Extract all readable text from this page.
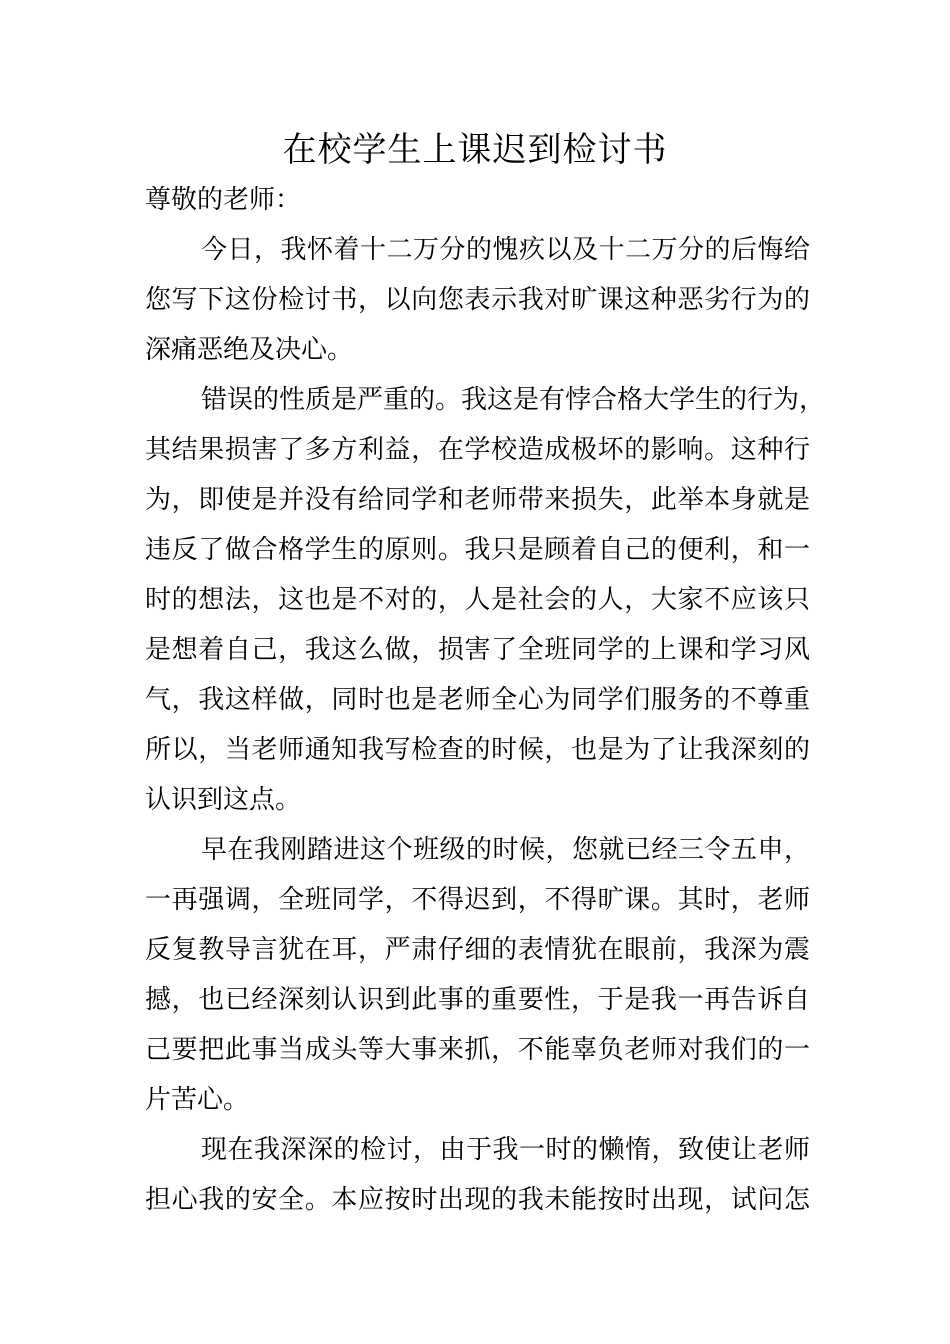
在校学生上课迟到检讨书

尊敬的老师：

今日，我怀着十二万分的愧疚以及十二万分的后悔给
您写下这份检讨书，以向您表示我对旷课这种恶劣行为的
深痛恶绝及决心。
错误的性质是严重的。我这是有悖合格大学生的行为，
其结果损害了多方利益，在学校造成极坏的影响。这种行
为，即使是并没有给同学和老师带来损失，此举本身就是
违反了做合格学生的原则。我只是顾着自己的便利，和一
时的想法，这也是不对的，人是社会的人，大家不应该只
是想着自己，我这么做，损害了全班同学的上课和学习风
气，我这样做，同时也是老师全心为同学们服务的不尊重
所以，当老师通知我写检查的时候，也是为了让我深刻的
认识到这点。
早在我刚踏进这个班级的时候，您就已经三令五申，
一再强调，全班同学，不得迟到，不得旷课。其时，老师
反复教导言犹在耳，严肃仔细的表情犹在眼前，我深为震
撼，也已经深刻认识到此事的重要性，于是我一再告诉自
己要把此事当成头等大事来抓，不能辜负老师对我们的一
片苦心。
现在我深深的检讨，由于我一时的懒惰，致使让老师
担心我的安全。本应按时出现的我未能按时出现，试问怎
